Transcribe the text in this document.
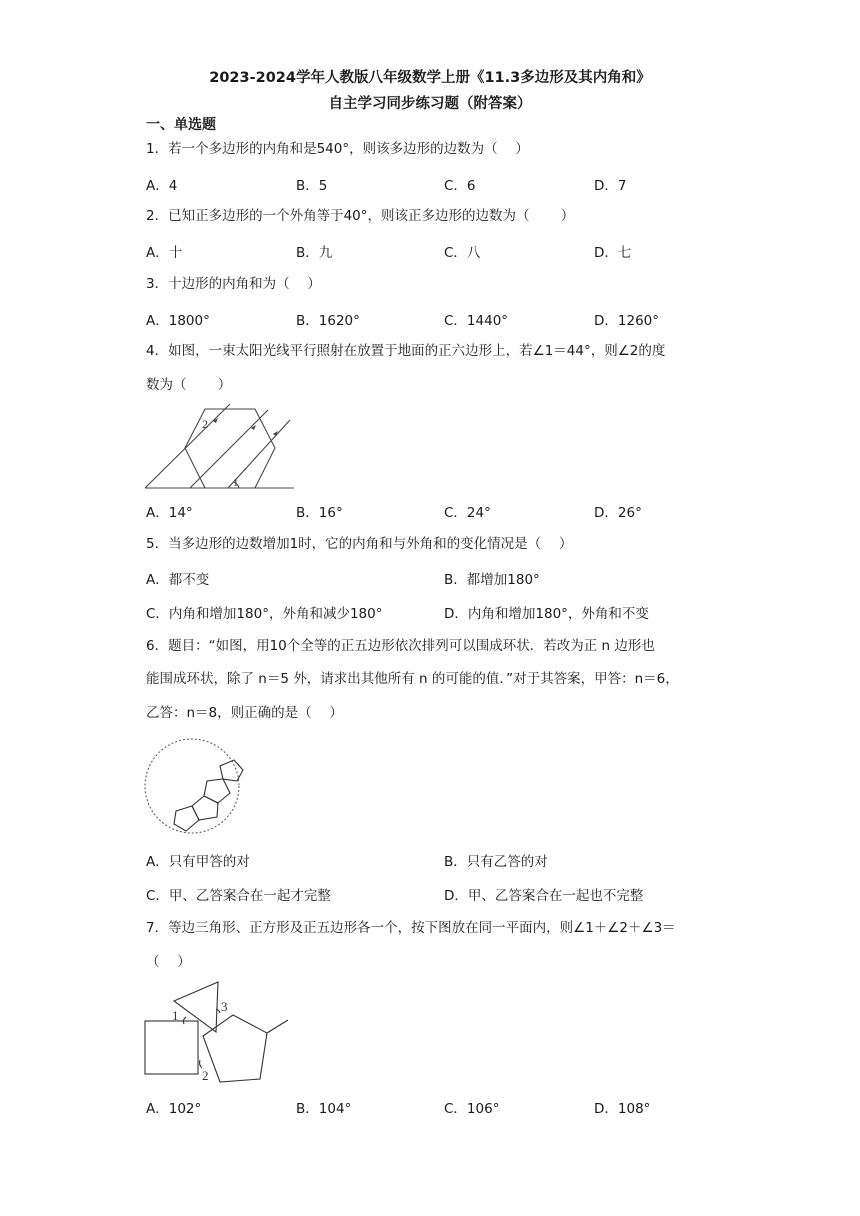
2023-2024学年人教版八年级数学上册《11.3多边形及其内角和》
自主学习同步练习题（附答案）
一、单选题
1．若一个多边形的内角和是540°，则该多边形的边数为（　 ）
A．4	B．5	C．6	D．7
2．已知正多边形的一个外角等于40°，则该正多边形的边数为（　　 ）
A．十	B．九	C．八	D．七
3．十边形的内角和为（　 ）
A．1800°	B．1620°	C．1440°	D．1260°
4．如图，一束太阳光线平行照射在放置于地面的正六边形上，若∠1＝44°，则∠2的度
数为（　　 ）
2
1
A．14°	B．16°	C．24°	D．26°
5．当多边形的边数增加1时，它的内角和与外角和的变化情况是（　 ）
A．都不变	B．都增加180°
C．内角和增加180°，外角和减少180°	D．内角和增加180°，外角和不变
6．题目：“如图，用10个全等的正五边形依次排列可以围成环状．若改为正 n 边形也
能围成环状，除了 n＝5 外，请求出其他所有 n 的可能的值．”对于其答案，甲答：n＝6，
乙答：n＝8，则正确的是（　 ）
A．只有甲答的对	B．只有乙答的对
C．甲、乙答案合在一起才完整	D．甲、乙答案合在一起也不完整
7．等边三角形、正方形及正五边形各一个，按下图放在同一平面内，则∠1＋∠2＋∠3＝
（　 ）
1
2
3
A．102°	B．104°	C．106°	D．108°
